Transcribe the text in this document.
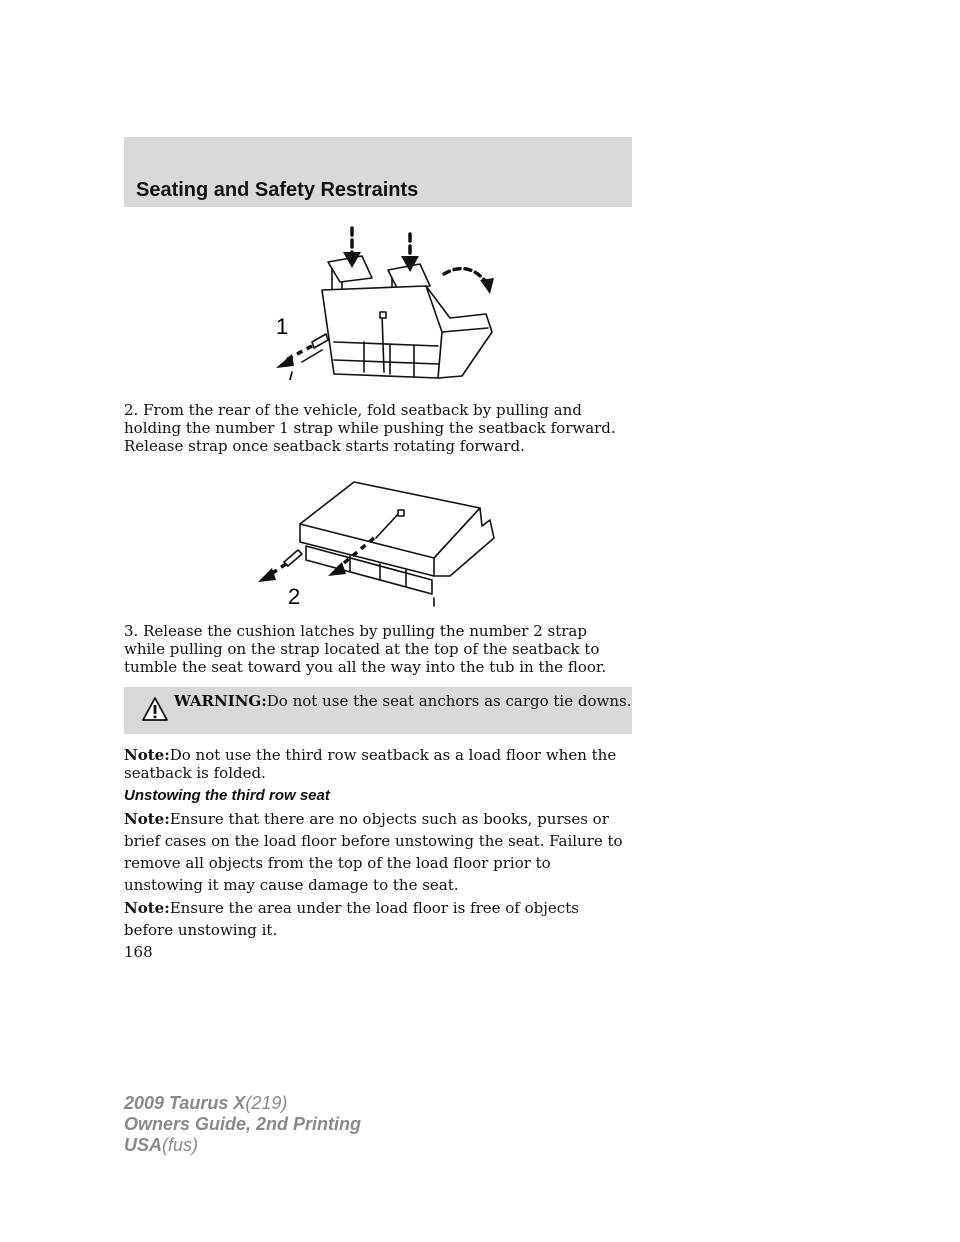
Seating and Safety Restraints
1

2. From the rear of the vehicle, fold seatback by pulling and holding the number 1 strap while pushing the seatback forward. Release strap once seatback starts rotating forward.

2

3. Release the cushion latches by pulling the number 2 strap while pulling on the strap located at the top of the seatback to tumble the seat toward you all the way into the tub in the floor.

WARNING:Do not use the seat anchors as cargo tie downs.

Note:Do not use the third row seatback as a load floor when the seatback is folded.

Unstowing the third row seat

Note:Ensure that there are no objects such as books, purses or brief cases on the load floor before unstowing the seat. Failure to remove all objects from the top of the load floor prior to unstowing it may cause damage to the seat.

Note:Ensure the area under the load floor is free of objects before unstowing it.

168

2009 Taurus X(219)
Owners Guide, 2nd Printing
USA(fus)
